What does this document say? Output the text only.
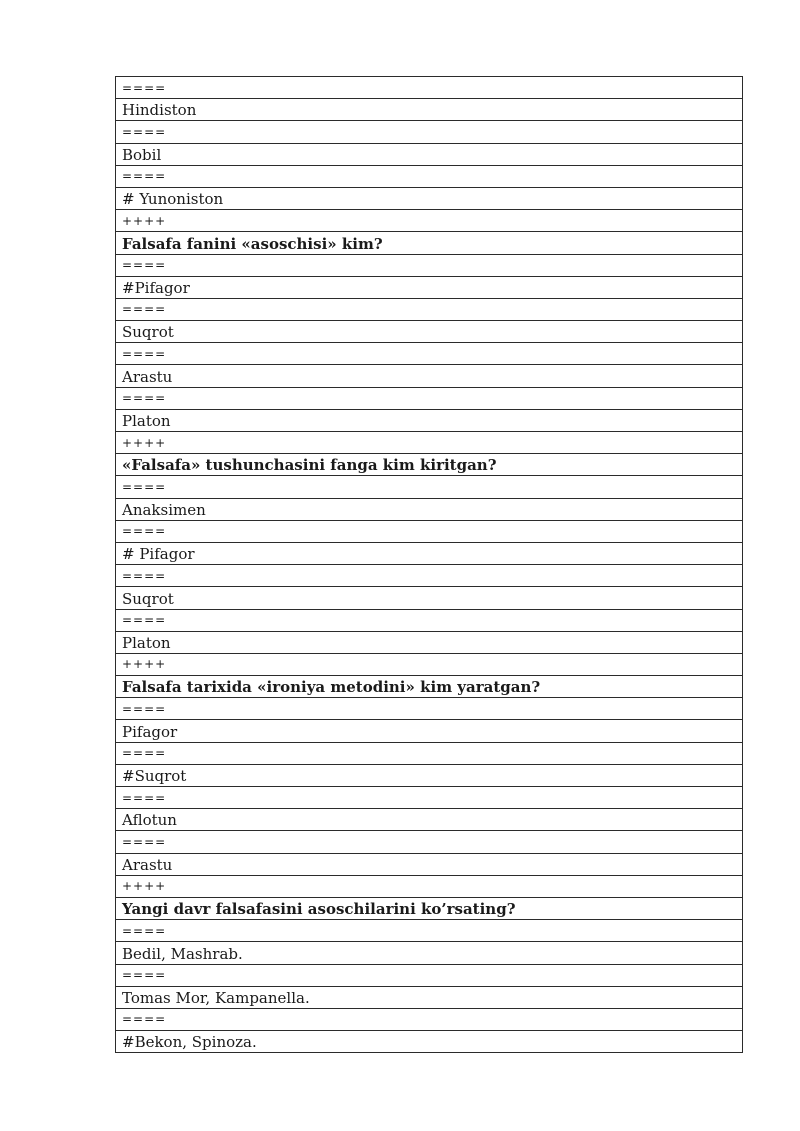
====
Hindiston
====
Bobil
====
# Yunoniston
++++
Falsafa fanini «asoschisi» kim?
====
#Pifagor
====
Suqrot
====
Arastu
====
Platon
++++
«Falsafa» tushunchasini fanga kim kiritgan?
====
Anaksimen
====
# Pifagor
====
Suqrot
====
Platon
++++
Falsafa tarixida «ironiya metodini» kim yaratgan?
====
Pifagor
====
#Suqrot
====
Aflotun
====
Arastu
++++
Yangi davr falsafasini asoschilarini ko’rsating?
====
Bedil, Mashrab.
====
Tomas Mor, Kampanella.
====
#Bekon, Spinoza.
